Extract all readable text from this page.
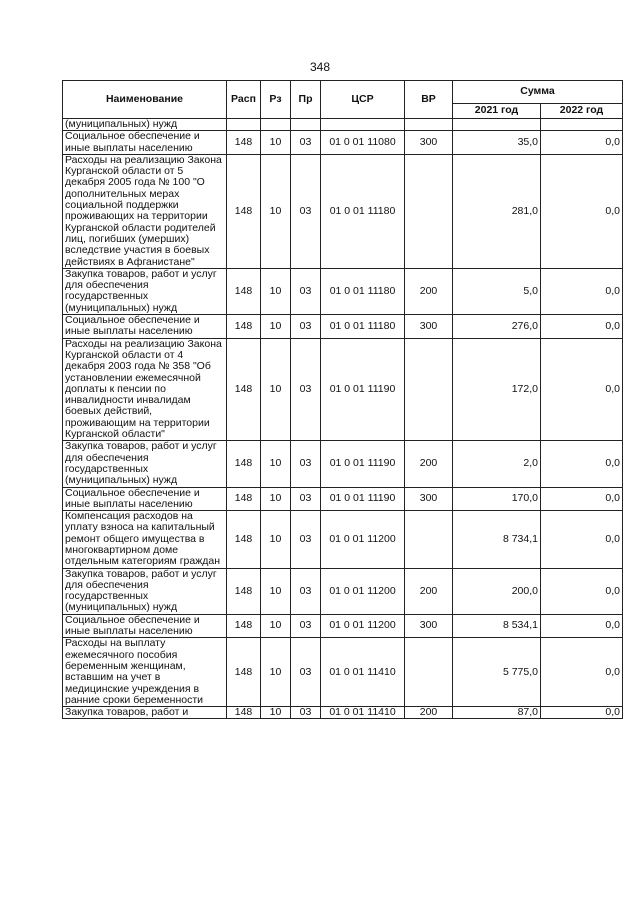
348
Наименование	Расп	Рз	Пр	ЦСР	ВР	Сумма	
						2021 год	2022 год
(муниципальных) нужд							
Социальное обеспечение и иные выплаты населению	148	10	03	01 0 01 11080	300	35,0	0,0
Расходы на реализацию Закона Курганской области от 5 декабря 2005 года № 100 "О дополнительных мерах социальной поддержки проживающих на территории Курганской области родителей лиц, погибших (умерших) вследствие участия в боевых действиях в Афганистане"	148	10	03	01 0 01 11180		281,0	0,0
Закупка товаров, работ и услуг для обеспечения государственных (муниципальных) нужд	148	10	03	01 0 01 11180	200	5,0	0,0
Социальное обеспечение и иные выплаты населению	148	10	03	01 0 01 11180	300	276,0	0,0
Расходы на реализацию Закона Курганской области от 4 декабря 2003 года № 358 "Об установлении ежемесячной доплаты к пенсии по инвалидности инвалидам боевых действий, проживающим на территории Курганской области"	148	10	03	01 0 01 11190		172,0	0,0
Закупка товаров, работ и услуг для обеспечения государственных (муниципальных) нужд	148	10	03	01 0 01 11190	200	2,0	0,0
Социальное обеспечение и иные выплаты населению	148	10	03	01 0 01 11190	300	170,0	0,0
Компенсация расходов на уплату взноса на капитальный ремонт общего имущества в многоквартирном доме отдельным категориям граждан	148	10	03	01 0 01 11200		8 734,1	0,0
Закупка товаров, работ и услуг для обеспечения государственных (муниципальных) нужд	148	10	03	01 0 01 11200	200	200,0	0,0
Социальное обеспечение и иные выплаты населению	148	10	03	01 0 01 11200	300	8 534,1	0,0
Расходы на выплату ежемесячного пособия беременным женщинам, вставшим на учет в медицинские учреждения в ранние сроки беременности	148	10	03	01 0 01 11410		5 775,0	0,0
Закупка товаров, работ и	148	10	03	01 0 01 11410	200	87,0	0,0
